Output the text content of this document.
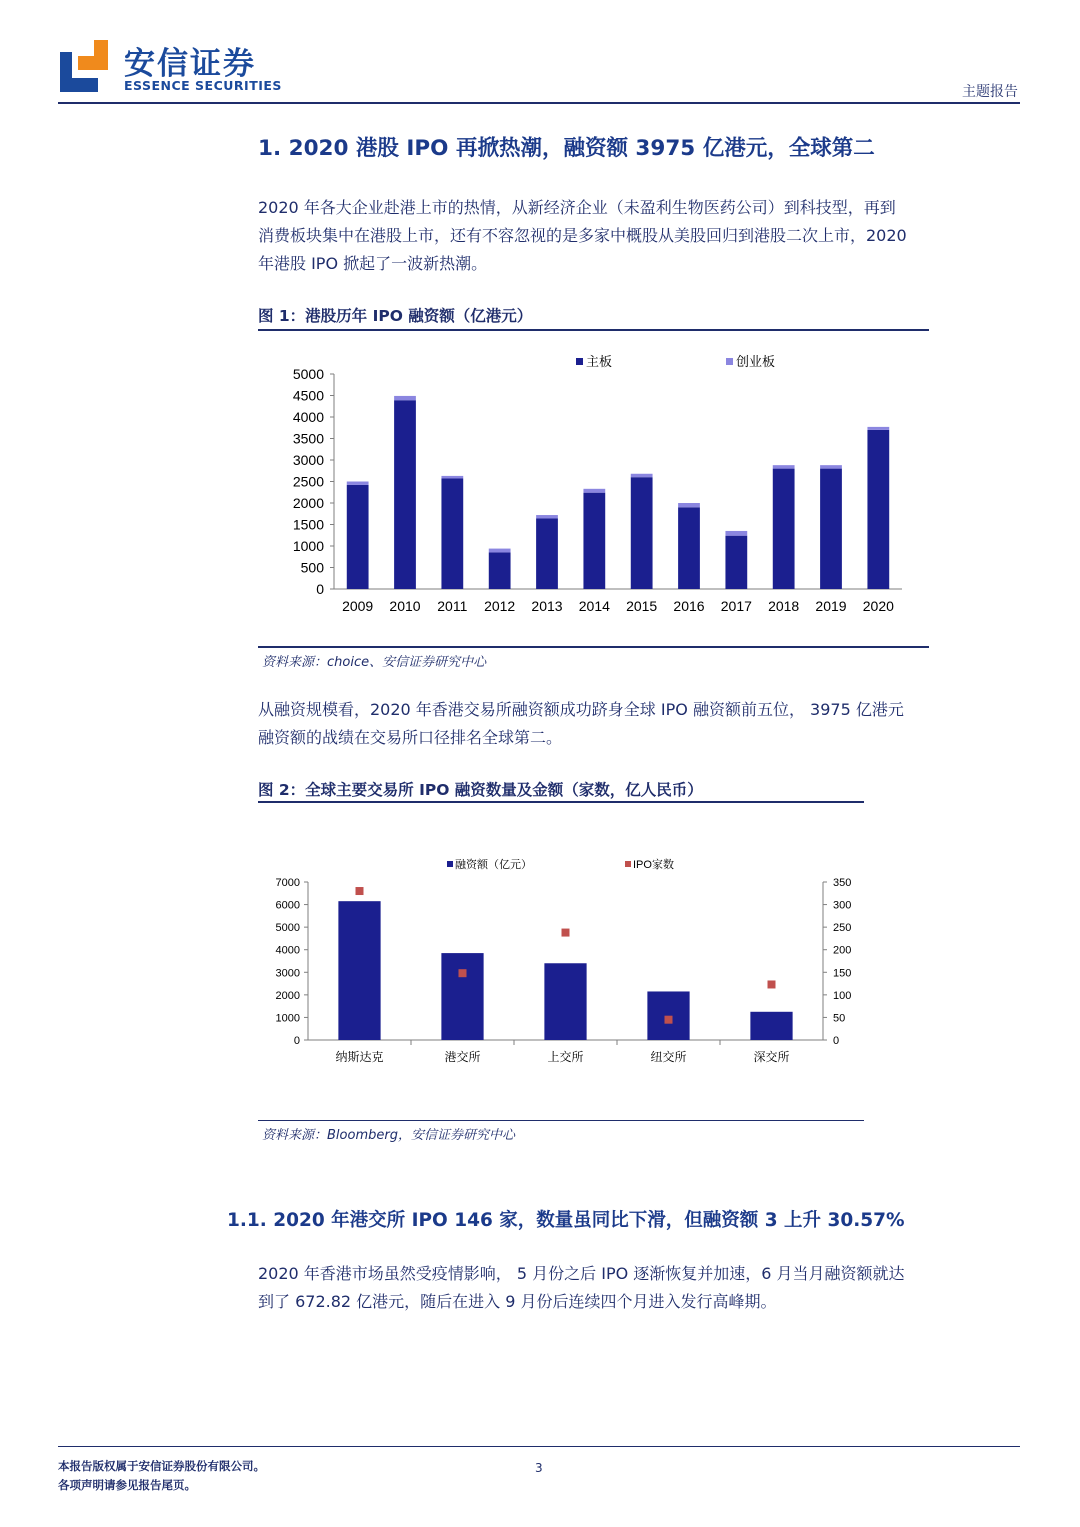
安信证券
ESSENCE SECURITIES	主题报告
1. 2020 港股 IPO 再掀热潮，融资额 3975 亿港元，全球第二

2020 年各大企业赴港上市的热情，从新经济企业（未盈利生物医药公司）到科技型，再到

消费板块集中在港股上市，还有不容忽视的是多家中概股从美股回归到港股二次上市，2020

年港股 IPO 掀起了一波新热潮。

图 1：港股历年 IPO 融资额（亿港元）
0
500
1000
1500
2000
2500
3000
3500
4000
4500
5000
2009 2010 2011 2012 2013 2014 2015 2016 2017 2018 2019 2020
主板	创业板
资料来源：choice、安信证券研究中心

从融资规模看，2020 年香港交易所融资额成功跻身全球 IPO 融资额前五位， 3975 亿港元

融资额的战绩在交易所口径排名全球第二。

图 2：全球主要交易所 IPO 融资数量及金额（家数，亿人民币）
0
1000
2000
3000
4000
5000
6000
7000
0
50
100
150
200
250
300
350
纳斯达克	港交所	上交所	纽交所	深交所
融资额（亿元）	IPO家数
资料来源：Bloomberg，安信证券研究中心
1.1. 2020 年港交所 IPO 146 家，数量虽同比下滑，但融资额 3 上升 30.57%

2020 年香港市场虽然受疫情影响， 5 月份之后 IPO 逐渐恢复并加速，6 月当月融资额就达

到了 672.82 亿港元，随后在进入 9 月份后连续四个月进入发行高峰期。

本报告版权属于安信证券股份有限公司。

各项声明请参见报告尾页。

3
